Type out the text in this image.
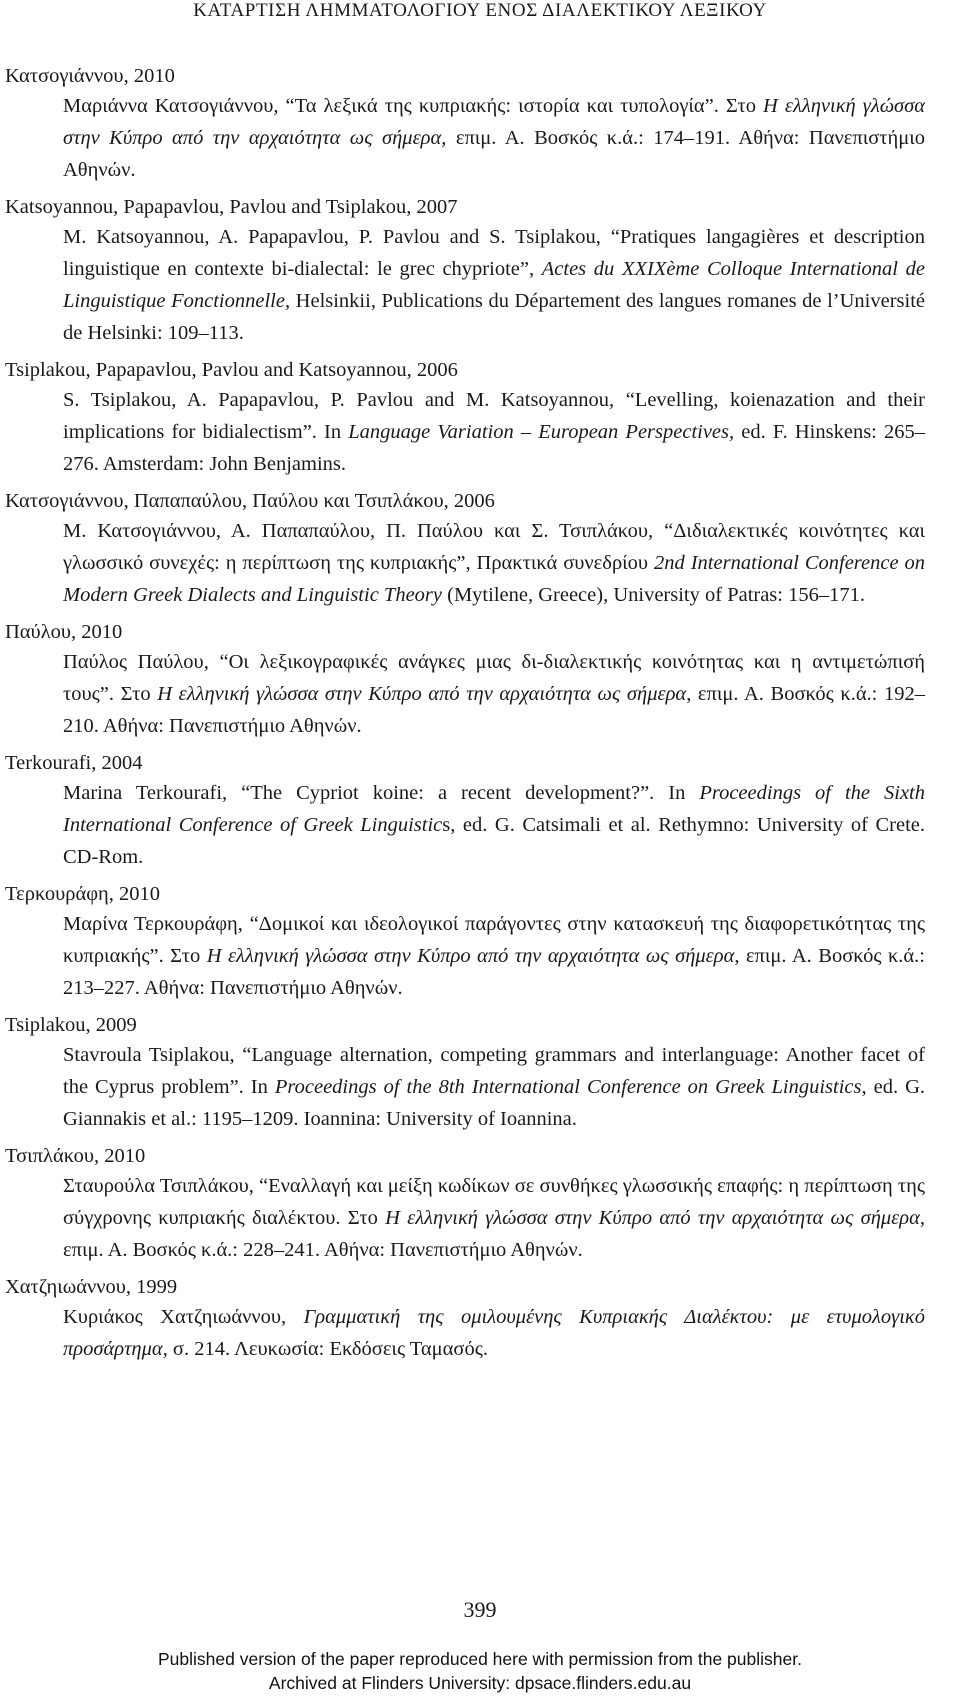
ΚΑΤΑΡΤΙΣΗ ΛΗΜΜΑΤΟΛΟΓΙΟΥ ΕΝΟΣ ΔΙΑΛΕΚΤΙΚΟΥ ΛΕΞΙΚΟΥ

Κατσογιάννου, 2010

Μαριάννα Κατσογιάννου, “Τα λεξικά της κυπριακής: ιστορία και τυπολογία”. Στο Η ελληνική γλώσσα στην Κύπρο από την αρχαιότητα ως σήμερα, επιμ. Α. Βοσκός κ.ά.: 174–191. Αθήνα: Πανεπιστήμιο Αθηνών.

Katsoyannou, Papapavlou, Pavlou and Tsiplakou, 2007

M. Katsoyannou, A. Papapavlou, P. Pavlou and S. Tsiplakou, “Pratiques langagières et description linguistique en contexte bi-dialectal: le grec chypriote”, Actes du XXIXème Colloque International de Linguistique Fonctionnelle, Helsinkii, Publications du Département des langues romanes de l’Université de Helsinki: 109–113.

Tsiplakou, Papapavlou, Pavlou and Katsoyannou, 2006

S. Tsiplakou, A. Papapavlou, P. Pavlou and M. Katsoyannou, “Levelling, koienazation and their implications for bidialectism”. In Language Variation – European Perspectives, ed. F. Hinskens: 265–276. Amsterdam: John Benjamins.

Κατσογιάννου, Παπαπαύλου, Παύλου και Τσιπλάκου, 2006

Μ. Κατσογιάννου, Α. Παπαπαύλου, Π. Παύλου και Σ. Τσιπλάκου, “Διδιαλεκτικές κοινότητες και γλωσσικό συνεχές: η περίπτωση της κυπριακής”, Πρακτικά συνεδρίου 2nd International Conference on Modern Greek Dialects and Linguistic Theory (Mytilene, Greece), University of Patras: 156–171.

Παύλου, 2010

Παύλος Παύλου, “Οι λεξικογραφικές ανάγκες μιας δι-διαλεκτικής κοινότητας και η αντιμετώπισή τους”. Στο Η ελληνική γλώσσα στην Κύπρο από την αρχαιότητα ως σήμερα, επιμ. Α. Βοσκός κ.ά.: 192–210. Αθήνα: Πανεπιστήμιο Αθηνών.

Terkourafi, 2004

Marina Terkourafi, “The Cypriot koine: a recent development?”. In Proceedings of the Sixth International Conference of Greek Linguistics, ed. G. Catsimali et al. Rethymno: University of Crete. CD-Rom.

Τερκουράφη, 2010

Μαρίνα Τερκουράφη, “Δομικοί και ιδεολογικοί παράγοντες στην κατασκευή της διαφορετικότητας της κυπριακής”. Στο Η ελληνική γλώσσα στην Κύπρο από την αρχαιότητα ως σήμερα, επιμ. Α. Βοσκός κ.ά.: 213–227. Αθήνα: Πανεπιστήμιο Αθηνών.

Tsiplakou, 2009

Stavroula Tsiplakou, “Language alternation, competing grammars and interlanguage: Another facet of the Cyprus problem”. In Proceedings of the 8th International Conference on Greek Linguistics, ed. G. Giannakis et al.: 1195–1209. Ioannina: University of Ioannina.

Τσιπλάκου, 2010

Σταυρούλα Τσιπλάκου, “Εναλλαγή και μείξη κωδίκων σε συνθήκες γλωσσικής επαφής: η περίπτωση της σύγχρονης κυπριακής διαλέκτου. Στο Η ελληνική γλώσσα στην Κύπρο από την αρχαιότητα ως σήμερα, επιμ. Α. Βοσκός κ.ά.: 228–241. Αθήνα: Πανεπιστήμιο Αθηνών.

Χατζηιωάννου, 1999

Κυριάκος Χατζηιωάννου, Γραμματική της ομιλουμένης Κυπριακής Διαλέκτου: με ετυμολογικό προσάρτημα, σ. 214. Λευκωσία: Εκδόσεις Ταμασός.

399
Published version of the paper reproduced here with permission from the publisher.
Archived at Flinders University: dpsace.flinders.edu.au
